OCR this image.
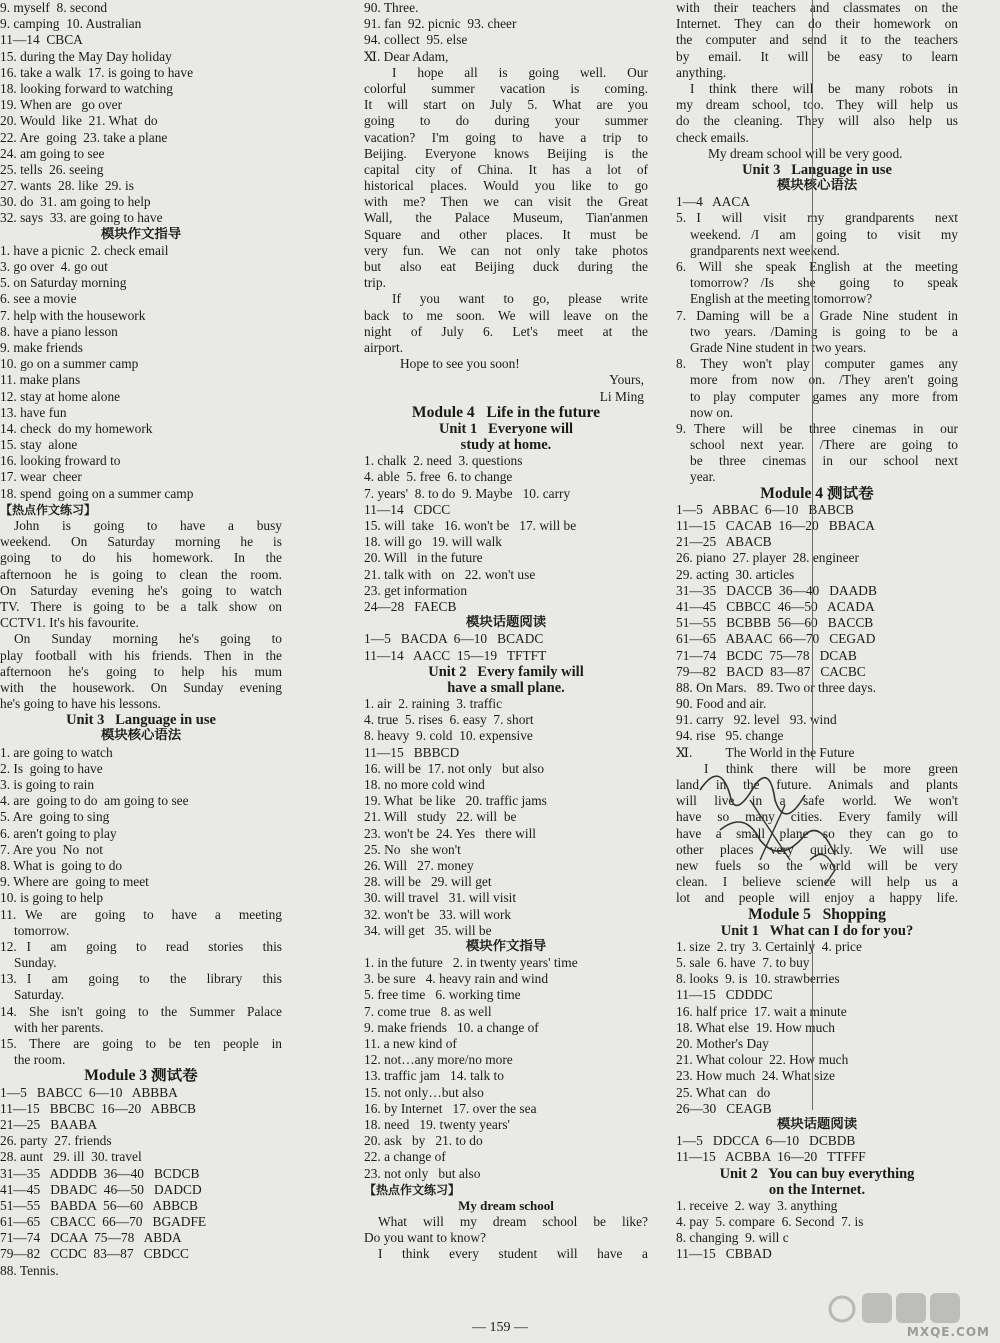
9. myself  8. second
9. camping  10. Australian
11—14  CBCA
15. during the May Day holiday
16. take a walk  17. is going to have
18. looking forward to watching
19. When are   go over
20. Would  like  21. What  do
22. Are  going  23. take a plane
24. am going to see
25. tells  26. seeing
27. wants  28. like  29. is
30. do  31. am going to help
32. says  33. are going to have
模块作文指导
1. have a picnic  2. check email
3. go over  4. go out
5. on Saturday morning
6. see a movie
7. help with the housework
8. have a piano lesson
9. make friends
10. go on a summer camp
11. make plans
12. stay at home alone
13. have fun
14. check  do my homework
15. stay  alone
16. looking froward to
17. wear  cheer
18. spend  going on a summer camp
【热点作文练习】
John  is  going  to  have  a  busy
weekend. On Saturday morning he is
going  to  do  his  homework.  In  the
afternoon he is going to clean the room.
On Saturday evening he's going to watch
TV. There is going to be a talk show on
CCTV1. It's his favourite.
On Sunday morning he's going to
play football with his friends. Then in the
afternoon he's going to help his mum
with the housework. On Sunday evening
he's going to have his lessons.
Unit 3   Language in use
模块核心语法
1. are going to watch
2. Is  going to have
3. is going to rain
4. are  going to do  am going to see
5. Are  going to sing
6. aren't going to play
7. Are you  No  not
8. What is  going to do
9. Where are  going to meet
10. is going to help
11. We  are  going  to  have  a  meeting
tomorrow.
12. I  am  going  to  read  stories  this
Sunday.
13. I  am  going  to  the  library  this
Saturday.
14. She isn't going to the Summer Palace
with her parents.
15. There are going to be ten people in
the room.
Module 3 测试卷
1—5   BABCC  6—10   ABBBA
11—15   BBCBC  16—20   ABBCB
21—25   BAABA
26. party  27. friends
28. aunt   29. ill  30. travel
31—35   ADDDB  36—40   BCDCB
41—45   DBADC  46—50   DADCD
51—55   BABDA  56—60   ABBCB
61—65   CBACC  66—70   BGADFE
71—74   DCAA  75—78   ABDA
79—82   CCDC  83—87   CBDCC
88. Tennis.
90. Three.
91. fan  92. picnic  93. cheer
94. collect  95. else
Ⅺ. Dear Adam,
I hope all is going well. Our
colorful summer vacation is coming.
It will start on July 5. What are you
going  to  do  during  your  summer
vacation? I'm going to have a trip to
Beijing. Everyone knows Beijing is the
capital city of China. It has a lot of
historical places. Would you like to go
with me? Then we can visit the Great
Wall, the Palace Museum, Tian'anmen
Square and other places. It must be
very fun. We can not only take photos
but also eat Beijing duck during the
trip.
If you want to go, please write
back to me soon. We will leave on the
night of July 6. Let's meet at the
airport.
Hope to see you soon!
Yours,
Li Ming
Module 4   Life in the future
Unit 1   Everyone will
study at home.
1. chalk  2. need  3. questions
4. able  5. free  6. to change
7. years'  8. to do  9. Maybe   10. carry
11—14   CDCC
15. will  take   16. won't be   17. will be
18. will go   19. will walk
20. Will   in the future
21. talk with   on   22. won't use
23. get information
24—28   FAECB
模块话题阅读
1—5   BACDA  6—10   BCADC
11—14   AACC  15—19   TFTFT
Unit 2   Every family will
have a small plane.
1. air  2. raining  3. traffic
4. true  5. rises  6. easy  7. short
8. heavy  9. cold  10. expensive
11—15   BBBCD
16. will be  17. not only   but also
18. no more cold wind
19. What  be like   20. traffic jams
21. Will   study   22. will  be
23. won't be  24. Yes   there will
25. No   she won't
26. Will   27. money
28. will be   29. will get
30. will travel   31. will visit
32. won't be   33. will work
34. will get   35. will be
模块作文指导
1. in the future   2. in twenty years' time
3. be sure   4. heavy rain and wind
5. free time   6. working time
7. come true   8. as well
9. make friends   10. a change of
11. a new kind of
12. not…any more/no more
13. traffic jam   14. talk to
15. not only…but also
16. by Internet   17. over the sea
18. need   19. twenty years'
20. ask   by   21. to do
22. a change of
23. not only   but also
【热点作文练习】
My dream school
What will my dream school be like?
Do you want to know?
I  think  every  student  will  have  a
with their teachers and classmates on the
Internet. They can do their homework on
the computer and send it to the teachers
by  email.  It  will  be  easy  to  learn
anything.
I think there will be many robots in
my dream school, too. They will help us
do the cleaning. They will also help us
check emails.
My dream school will be very good.
Unit 3   Language in use
模块核心语法
1—4   AACA
5. I  will  visit  my  grandparents  next
weekend. /I  am  going  to  visit  my
grandparents next weekend.
6. Will she speak English at the meeting
tomorrow? /Is  she  going  to  speak
English at the meeting tomorrow?
7. Daming will be a Grade Nine student in
two years. /Daming is going to be a
Grade Nine student in two years.
8. They won't play computer games any
more from now on. /They aren't going
to play computer games any more from
now on.
9. There  will  be  three  cinemas  in  our
school next year. /There are going to
be three cinemas in our school next
year.
Module 4 测试卷
1—5   ABBAC  6—10   BABCB
11—15   CACAB  16—20   BBACA
21—25   ABACB
26. piano  27. player  28. engineer
29. acting  30. articles
31—35   DACCB  36—40   DAADB
41—45   CBBCC  46—50   ACADA
51—55   BCBBB  56—60   BACCB
61—65   ABAAC  66—70   CEGAD
71—74   BCDC  75—78   DCAB
79—82   BACD  83—87   CACBC
88. On Mars.   89. Two or three days.
90. Food and air.
91. carry   92. level   93. wind
94. rise   95. change
Ⅺ.          The World in the Future
I think there will be more green
land in the future. Animals and plants
will live in a safe world. We won't
have so many cities. Every family will
have a small plane so they can go to
other places very quickly. We will use
new fuels so the world will be very
clean. I believe science will help us a
lot and people will enjoy a happy life.
Module 5   Shopping
Unit 1   What can I do for you?
1. size  2. try  3. Certainly  4. price
5. sale  6. have  7. to buy
8. looks  9. is  10. strawberries
11—15   CDDDC
16. half price  17. wait a minute
18. What else  19. How much
20. Mother's Day
21. What colour  22. How much
23. How much  24. What size
25. What can   do
26—30   CEAGB
模块话题阅读
1—5   DDCCA  6—10   DCBDB
11—15   ACBBA  16—20   TTFFF
Unit 2   You can buy everything
on the Internet.
1. receive  2. way  3. anything
4. pay  5. compare  6. Second  7. is
8. changing  9. will c
11—15   CBBAD
— 159 —	MXQE.COM
